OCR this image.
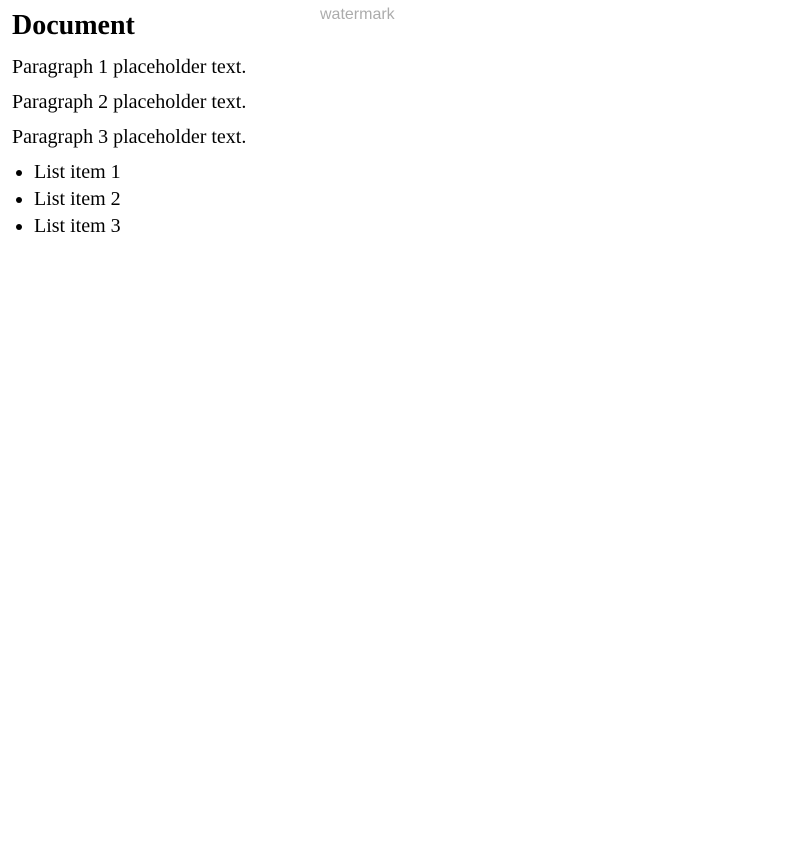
Document

Paragraph 1 placeholder text.

Paragraph 2 placeholder text.

Paragraph 3 placeholder text.

• List item 1
• List item 2
• List item 3
watermark
